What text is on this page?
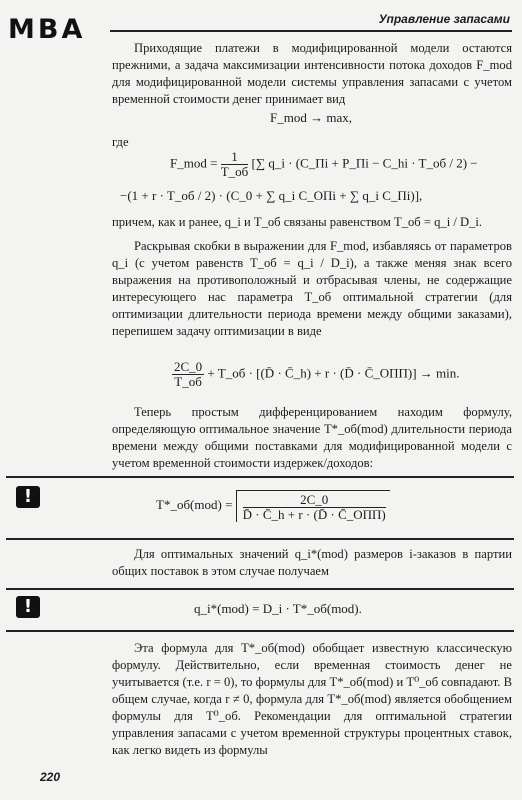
MBA	Управление запасами

Приходящие платежи в модифицированной модели остаются прежними, а задача максимизации интенсивности потока доходов F_mod для модифицированной модели системы управления запасами с учетом временной стоимости денег принимает вид

F_mod → max,

где

F_mod = $\frac{1}{T\_об}$ [∑ q_i · (C_Пi + P_Пi − C_hi · T_об / 2) −
−(1 + r · T_об / 2) · (C_0 + ∑ q_i C_ОПi + ∑ q_i C_Пi)],

причем, как и ранее, q_i и T_об связаны равенством T_об = q_i / D_i.

Раскрывая скобки в выражении для F_mod, избавляясь от параметров q_i (с учетом равенств T_об = q_i / D_i), а также меняя знак всего выражения на противоположный и отбрасывая члены, не содержащие интересующего нас параметра T_об оптимальной стратегии (для оптимизации длительности периода времени между общими заказами), перепишем задачу оптимизации в виде

$\frac{2C\_0}{T\_об}$ + T_об · [(D̄ · C̄_h) + r · (D̄ · C̄_ОПП)] → min.

Теперь простым дифференцированием находим формулу, определяющую оптимальное значение T*_об(mod) длительности периода времени между общими поставками для модифицированной модели с учетом временной стоимости издержек/доходов:

!	T*_об(mod) = $\frac{2C\_0}{\text{D̄ · C̄\_h + r · (D̄ · C̄\_ОПП)}}$

Для оптимальных значений q_i*(mod) размеров i-заказов в партии общих поставок в этом случае получаем

!	q_i*(mod) = D_i · T*_об(mod).

Эта формула для T*_об(mod) обобщает известную классическую формулу. Действительно, если временная стоимость денег не учитывается (т.е. r = 0), то формулы для T*_об(mod) и T⁰_об совпадают. В общем случае, когда r ≠ 0, формула для T*_об(mod) является обобщением формулы для T⁰_об. Рекомендации для оптимальной стратегии управления запасами с учетом временной структуры процентных ставок, как легко видеть из формулы

220
